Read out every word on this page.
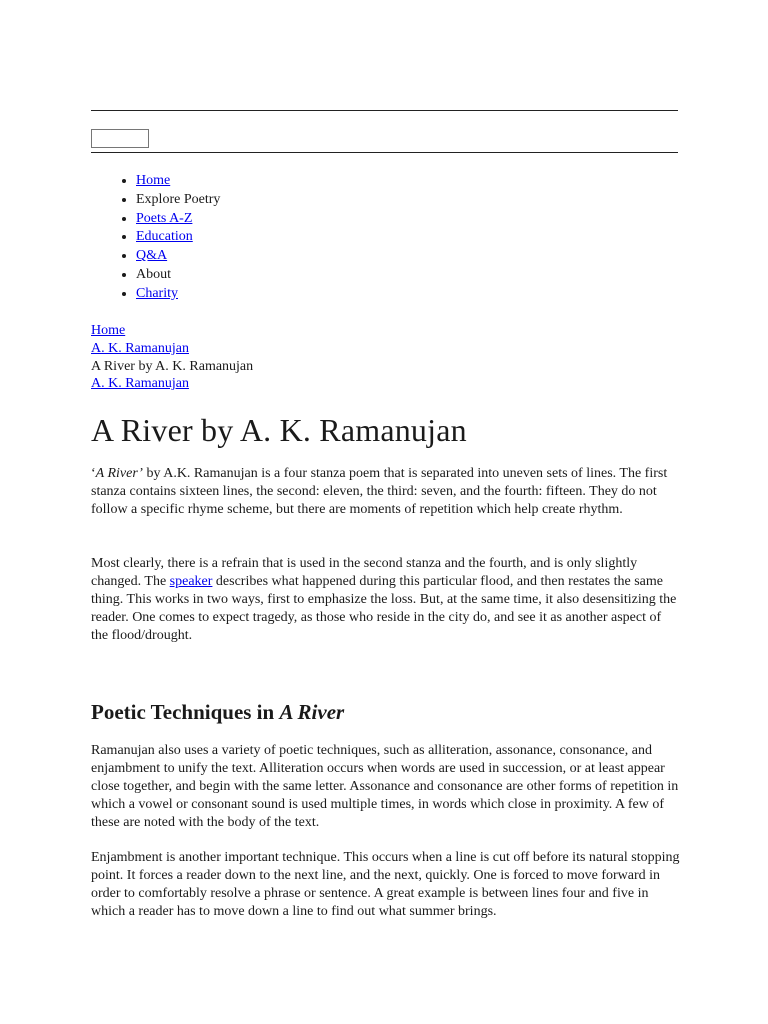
• Home
• Explore Poetry
• Poets A-Z
• Education
• Q&A
• About
• Charity
Home
A. K. Ramanujan
A River by A. K. Ramanujan
A. K. Ramanujan
A River by A. K. Ramanujan

‘A River’ by A.K. Ramanujan is a four stanza poem that is separated into uneven sets of lines. The first stanza contains sixteen lines, the second: eleven, the third: seven, and the fourth: fifteen. They do not follow a specific rhyme scheme, but there are moments of repetition which help create rhythm.

Most clearly, there is a refrain that is used in the second stanza and the fourth, and is only slightly changed. The speaker describes what happened during this particular flood, and then restates the same thing. This works in two ways, first to emphasize the loss. But, at the same time, it also desensitizing the reader. One comes to expect tragedy, as those who reside in the city do, and see it as another aspect of the flood/drought.

Poetic Techniques in A River

Ramanujan also uses a variety of poetic techniques, such as alliteration, assonance, consonance, and enjambment to unify the text. Alliteration occurs when words are used in succession, or at least appear close together, and begin with the same letter. Assonance and consonance are other forms of repetition in which a vowel or consonant sound is used multiple times, in words which close in proximity. A few of these are noted with the body of the text.

Enjambment is another important technique. This occurs when a line is cut off before its natural stopping point. It forces a reader down to the next line, and the next, quickly. One is forced to move forward in order to comfortably resolve a phrase or sentence. A great example is between lines four and five in which a reader has to move down a line to find out what summer brings.
